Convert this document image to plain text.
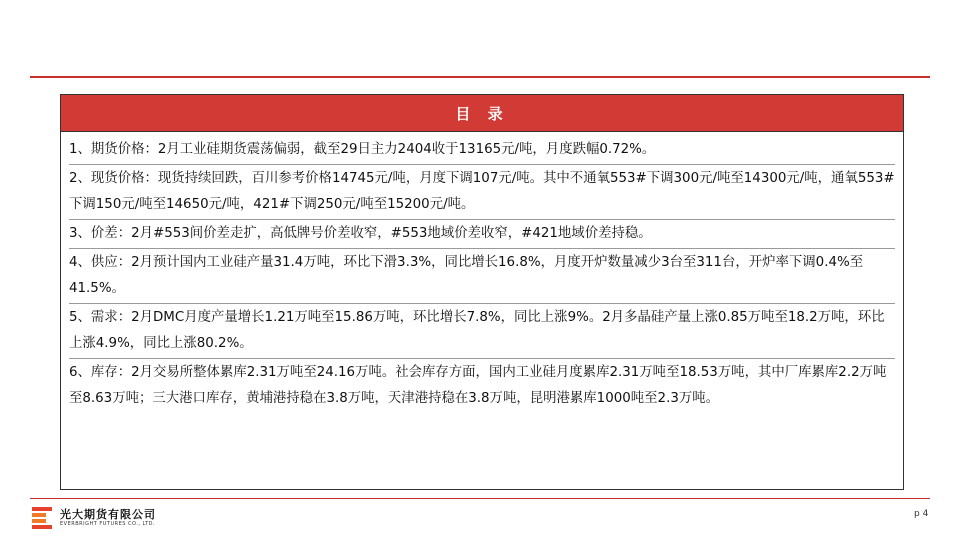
目 录
1、期货价格：2月工业硅期货震荡偏弱，截至29日主力2404收于13165元/吨，月度跌幅0.72%。
2、现货价格：现货持续回跌，百川参考价格14745元/吨，月度下调107元/吨。其中不通氧553#下调300元/吨至14300元/吨，通氧553#下调150元/吨至14650元/吨，421#下调250元/吨至15200元/吨。
3、价差：2月#553间价差走扩，高低牌号价差收窄，#553地域价差收窄，#421地域价差持稳。
4、供应：2月预计国内工业硅产量31.4万吨，环比下滑3.3%，同比增长16.8%，月度开炉数量减少3台至311台，开炉率下调0.4%至41.5%。
5、需求：2月DMC月度产量增长1.21万吨至15.86万吨，环比增长7.8%，同比上涨9%。2月多晶硅产量上涨0.85万吨至18.2万吨，环比上涨4.9%，同比上涨80.2%。
6、库存：2月交易所整体累库2.31万吨至24.16万吨。社会库存方面，国内工业硅月度累库2.31万吨至18.53万吨，其中厂库累库2.2万吨至8.63万吨；三大港口库存，黄埔港持稳在3.8万吨，天津港持稳在3.8万吨，昆明港累库1000吨至2.3万吨。
光大期货有限公司
EVERBRIGHT FUTURES CO., LTD.
p 4
